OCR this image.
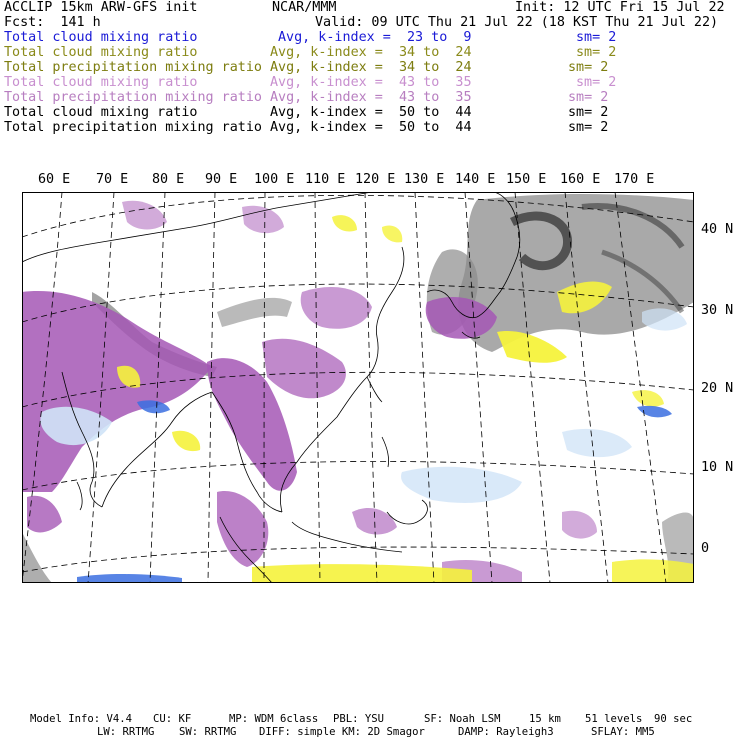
ACCLIP 15km ARW-GFS init	NCAR/MMM	Init: 12 UTC Fri 15 Jul 22
Fcst:  141 h	Valid: 09 UTC Thu 21 Jul 22 (18 KST Thu 21 Jul 22)
Total cloud mixing ratio	Avg, k-index =  23 to  9	sm= 2
Total cloud mixing ratio	Avg, k-index =  34 to  24	sm= 2
Total precipitation mixing ratio Avg, k-index =  34 to  24	sm= 2
Total cloud mixing ratio	Avg, k-index =  43 to  35	sm= 2
Total precipitation mixing ratio Avg, k-index =  43 to  35	sm= 2
Total cloud mixing ratio	Avg, k-index =  50 to  44	sm= 2
Total precipitation mixing ratio Avg, k-index =  50 to  44	sm= 2
60 E 70 E 80 E 90 E 100 E 110 E 120 E 130 E 140 E 150 E 160 E 170 E
40 N
30 N
20 N
10 N
0
Model Info: V4.4 CU: KF	MP: WDM 6class PBL: YSU	SF: Noah LSM	15 km 51 levels 90 sec
LW: RRTMG SW: RRTMG DIFF: simple KM: 2D Smagor	DAMP: Rayleigh3	SFLAY: MM5
